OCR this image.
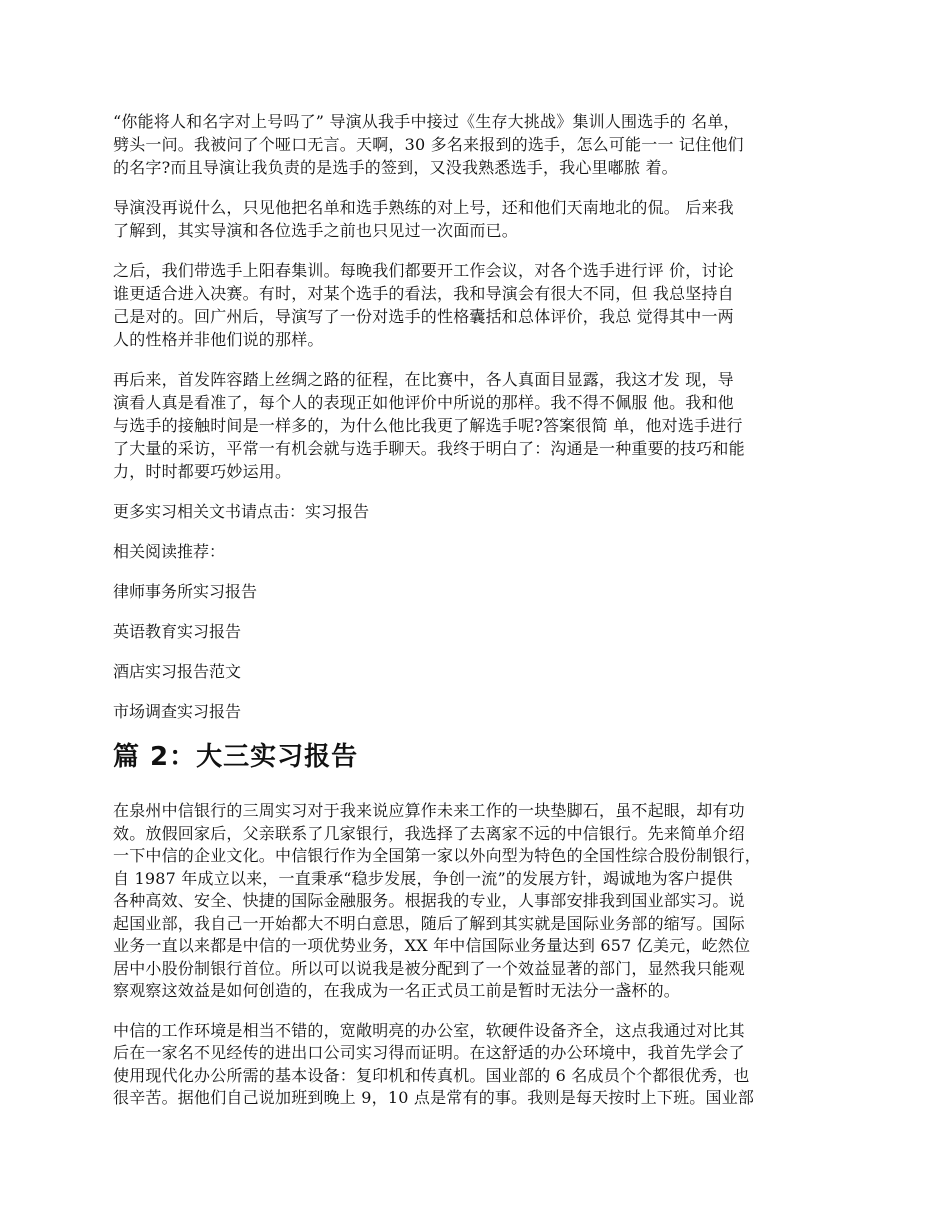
“你能将人和名字对上号吗了” 导演从我手中接过《生存大挑战》集训人围选手的 名单，
劈头一问。我被问了个哑口无言。天啊，30 多名来报到的选手，怎么可能一一 记住他们
的名字?而且导演让我负责的是选手的签到，又没我熟悉选手，我心里嘟脓 着。
导演没再说什么，只见他把名单和选手熟练的对上号，还和他们天南地北的侃。 后来我
了解到，其实导演和各位选手之前也只见过一次面而已。
之后，我们带选手上阳春集训。每晚我们都要开工作会议，对各个选手进行评 价，讨论
谁更适合进入决赛。有时，对某个选手的看法，我和导演会有很大不同，但 我总坚持自
己是对的。回广州后，导演写了一份对选手的性格囊括和总体评价，我总 觉得其中一两
人的性格并非他们说的那样。
再后来，首发阵容踏上丝绸之路的征程，在比赛中，各人真面目显露，我这才发 现，导
演看人真是看准了，每个人的表现正如他评价中所说的那样。我不得不佩服 他。我和他
与选手的接触时间是一样多的，为什么他比我更了解选手呢?答案很简 单，他对选手进行
了大量的采访，平常一有机会就与选手聊天。我终于明白了：沟通是一种重要的技巧和能
力，时时都要巧妙运用。
更多实习相关文书请点击：实习报告
相关阅读推荐：
律师事务所实习报告
英语教育实习报告
酒店实习报告范文
市场调查实习报告
篇 2：大三实习报告
在泉州中信银行的三周实习对于我来说应算作未来工作的一块垫脚石，虽不起眼，却有功
效。放假回家后，父亲联系了几家银行，我选择了去离家不远的中信银行。先来简单介绍
一下中信的企业文化。中信银行作为全国第一家以外向型为特色的全国性综合股份制银行，
自 1987 年成立以来，一直秉承“稳步发展，争创一流”的发展方针，竭诚地为客户提供
各种高效、安全、快捷的国际金融服务。根据我的专业，人事部安排我到国业部实习。说
起国业部，我自己一开始都大不明白意思，随后了解到其实就是国际业务部的缩写。国际
业务一直以来都是中信的一项优势业务，XX 年中信国际业务量达到 657 亿美元，屹然位
居中小股份制银行首位。所以可以说我是被分配到了一个效益显著的部门，显然我只能观
察观察这效益是如何创造的，在我成为一名正式员工前是暂时无法分一盏杯的。
中信的工作环境是相当不错的，宽敞明亮的办公室，软硬件设备齐全，这点我通过对比其
后在一家名不见经传的进出口公司实习得而证明。在这舒适的办公环境中，我首先学会了
使用现代化办公所需的基本设备：复印机和传真机。国业部的 6 名成员个个都很优秀，也
很辛苦。据他们自己说加班到晚上 9，10 点是常有的事。我则是每天按时上下班。国业部
